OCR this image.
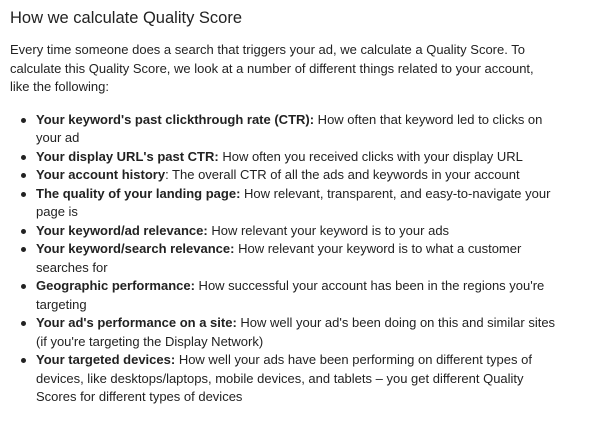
How we calculate Quality Score

Every time someone does a search that triggers your ad, we calculate a Quality Score. To calculate this Quality Score, we look at a number of different things related to your account, like the following:

Your keyword's past clickthrough rate (CTR): How often that keyword led to clicks on your ad
Your display URL's past CTR: How often you received clicks with your display URL
Your account history: The overall CTR of all the ads and keywords in your account
The quality of your landing page: How relevant, transparent, and easy-to-navigate your page is
Your keyword/ad relevance: How relevant your keyword is to your ads
Your keyword/search relevance: How relevant your keyword is to what a customer searches for
Geographic performance: How successful your account has been in the regions you're targeting
Your ad's performance on a site: How well your ad's been doing on this and similar sites (if you're targeting the Display Network)
Your targeted devices: How well your ads have been performing on different types of devices, like desktops/laptops, mobile devices, and tablets – you get different Quality Scores for different types of devices
